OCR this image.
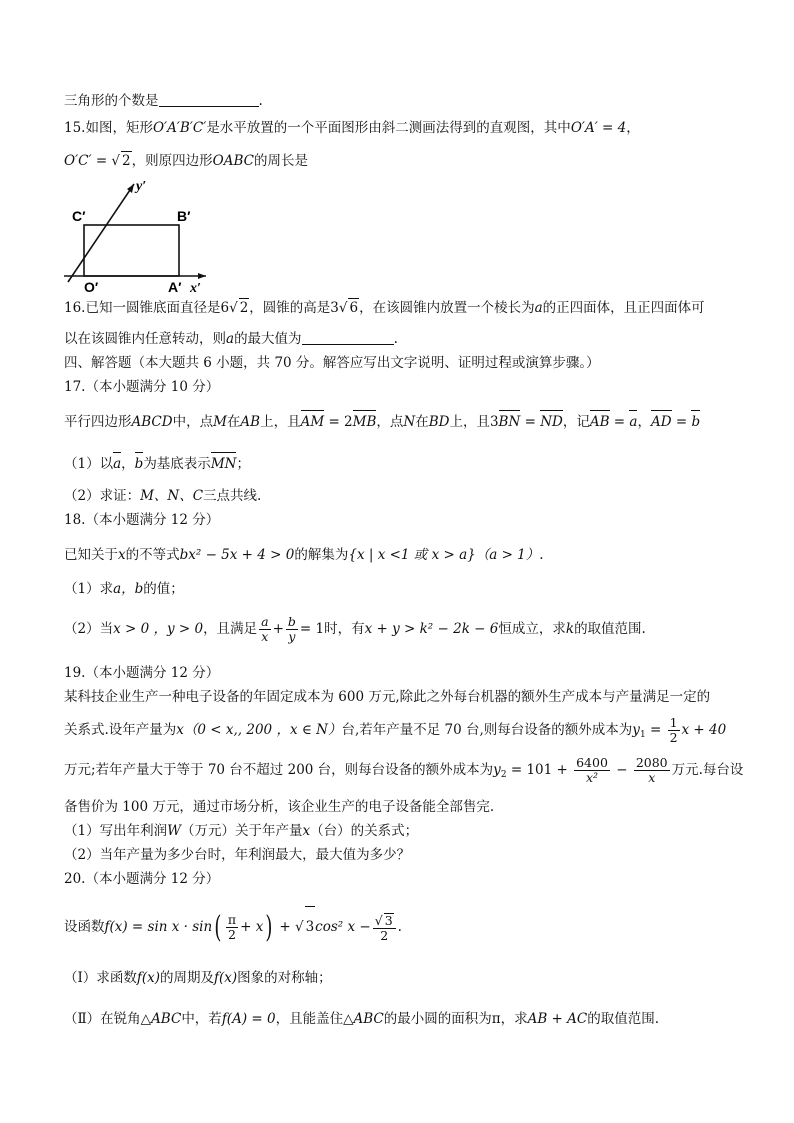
三角形的个数是	.
15.如图，矩形O′A′B′C′是水平放置的一个平面图形由斜二测画法得到的直观图，其中O′A′ = 4，
O′C′ = √ 2，则原四边形OABC的周长是
C′	B′
O′	A′ x′
y′
16.已知一圆锥底面直径是6√ 2，圆锥的高是3√ 6，在该圆锥内放置一个棱长为a的正四面体，且正四面体可
以在该圆锥内任意转动，则a的最大值为	.
四、解答题（本大题共 6 小题，共 70 分。解答应写出文字说明、证明过程或演算步骤。）
17.（本小题满分 10 分）
平行四边形ABCD中，点M在AB上，且AM = 2MB，点N在BD上，且3BN = ND，记AB = a，AD = b
（1）以a，b为基底表示MN；
（2）求证：M、N、C三点共线.
18.（本小题满分 12 分）
已知关于x的不等式bx² − 5x + 4 > 0的解集为{x | x <1 或 x > a}（a > 1）.
（1）求a，b的值；
（2）当x > 0 ，y > 0，且满足 $\frac{a}{x} + \frac{b}{y} = 1$时，有x + y > k² − 2k − 6恒成立，求k的取值范围.
19.（本小题满分 12 分）
某科技企业生产一种电子设备的年固定成本为 600 万元,除此之外每台机器的额外生产成本与产量满足一定的
关系式.设年产量为x（0 < x,, 200 ，x ∈ N）台,若年产量不足 70 台,则每台设备的额外成本为$y_1 = \frac{1}{2}$ x + 40
万元;若年产量大于等于 70 台不超过 200 台，则每台设备的额外成本为$y_2 = 101 + \frac{6400}{\text{x²}} - \frac{2080}{x}$ 万元.每台设
备售价为 100 万元，通过市场分析，该企业生产的电子设备能全部售完.
（1）写出年利润W（万元）关于年产量x（台）的关系式；
（2）当年产量为多少台时，年利润最大，最大值为多少？
20.（本小题满分 12 分）
设函数$f(x) = \sin x \cdot \sin( \frac{\pi}{2} + x)$ + √ 3cos² $x - \frac{√ 3}{2}$ .
（Ⅰ）求函数f(x)的周期及f(x)图象的对称轴；
（Ⅱ）在锐角△ABC中，若f(A) = 0，且能盖住△ABC的最小圆的面积为π，求AB + AC的取值范围.
